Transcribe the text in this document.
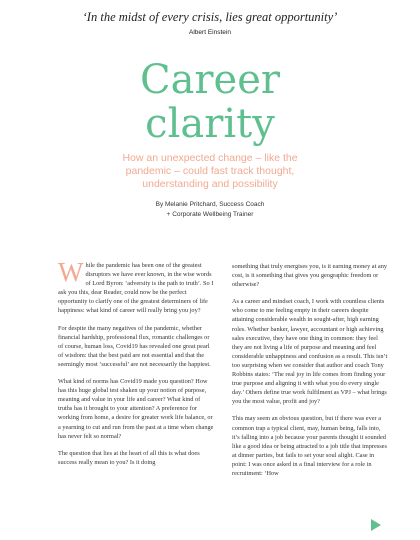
‘In the midst of every crisis, lies great opportunity’
Albert Einstein
Career
clarity
How an unexpected change – like the
pandemic – could fast track thought,
understanding and possibility
By Melanie Pritchard, Success Coach
+ Corporate Wellbeing Trainer

While the pandemic has been one of the greatest disruptors we have ever known, in the wise words of Lord Byron: ‘adversity is the path to truth’. So I ask you this, dear Reader, could now be the perfect opportunity to clarify one of the greatest determiners of life happiness: what kind of career will really bring you joy?

For despite the many negatives of the pandemic, whether financial hardship, professional flux, romantic challenges or of course, human loss, Covid19 has revealed one great pearl of wisdom: that the best paid are not essential and that the seemingly most ‘successful’ are not necessarily the happiest.

What kind of norms has Covid19 made you question? How has this huge global test shaken up your notion of purpose, meaning and value in your life and career? What kind of truths has it brought to your attention? A preference for working from home, a desire for greater work life balance, or a yearning to cut and run from the past at a time when change has never felt so normal?

The question that lies at the heart of all this is what does success really mean to you? Is it doing

something that truly energises you, is it earning money at any cost, is it something that gives you geographic freedom or otherwise?

As a career and mindset coach, I work with countless clients who come to me feeling empty in their careers despite attaining considerable wealth in sought-after, high earning roles. Whether banker, lawyer, accountant or high achieving sales executive, they have one thing in common: they feel they are not living a life of purpose and meaning and feel considerable unhappiness and confusion as a result. This isn’t too surprising when we consider that author and coach Tony Robbins states: ‘The real joy in life comes from finding your true purpose and aligning it with what you do every single day.’ Others define true work fulfilment as VPJ – what brings you the most value, profit and joy?

This may seem an obvious question, but if there was ever a common trap a typical client, may, human being, falls into, it’s falling into a job because your parents thought it sounded like a good idea or being attracted to a job title that impresses at dinner parties, but fails to set your soul alight. Case in point: I was once asked in a final interview for a role in recruitment: ‘How
